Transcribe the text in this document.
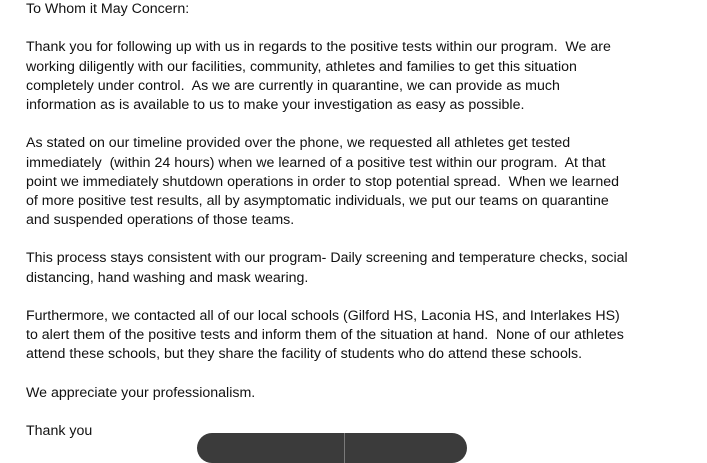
To Whom it May Concern:
Thank you for following up with us in regards to the positive tests within our program.  We are
working diligently with our facilities, community, athletes and families to get this situation
completely under control.  As we are currently in quarantine, we can provide as much
information as is available to us to make your investigation as easy as possible.
As stated on our timeline provided over the phone, we requested all athletes get tested
immediately  (within 24 hours) when we learned of a positive test within our program.  At that
point we immediately shutdown operations in order to stop potential spread.  When we learned
of more positive test results, all by asymptomatic individuals, we put our teams on quarantine
and suspended operations of those teams.
This process stays consistent with our program- Daily screening and temperature checks, social
distancing, hand washing and mask wearing.
Furthermore, we contacted all of our local schools (Gilford HS, Laconia HS, and Interlakes HS)
to alert them of the positive tests and inform them of the situation at hand.  None of our athletes
attend these schools, but they share the facility of students who do attend these schools.
We appreciate your professionalism.
Thank you
